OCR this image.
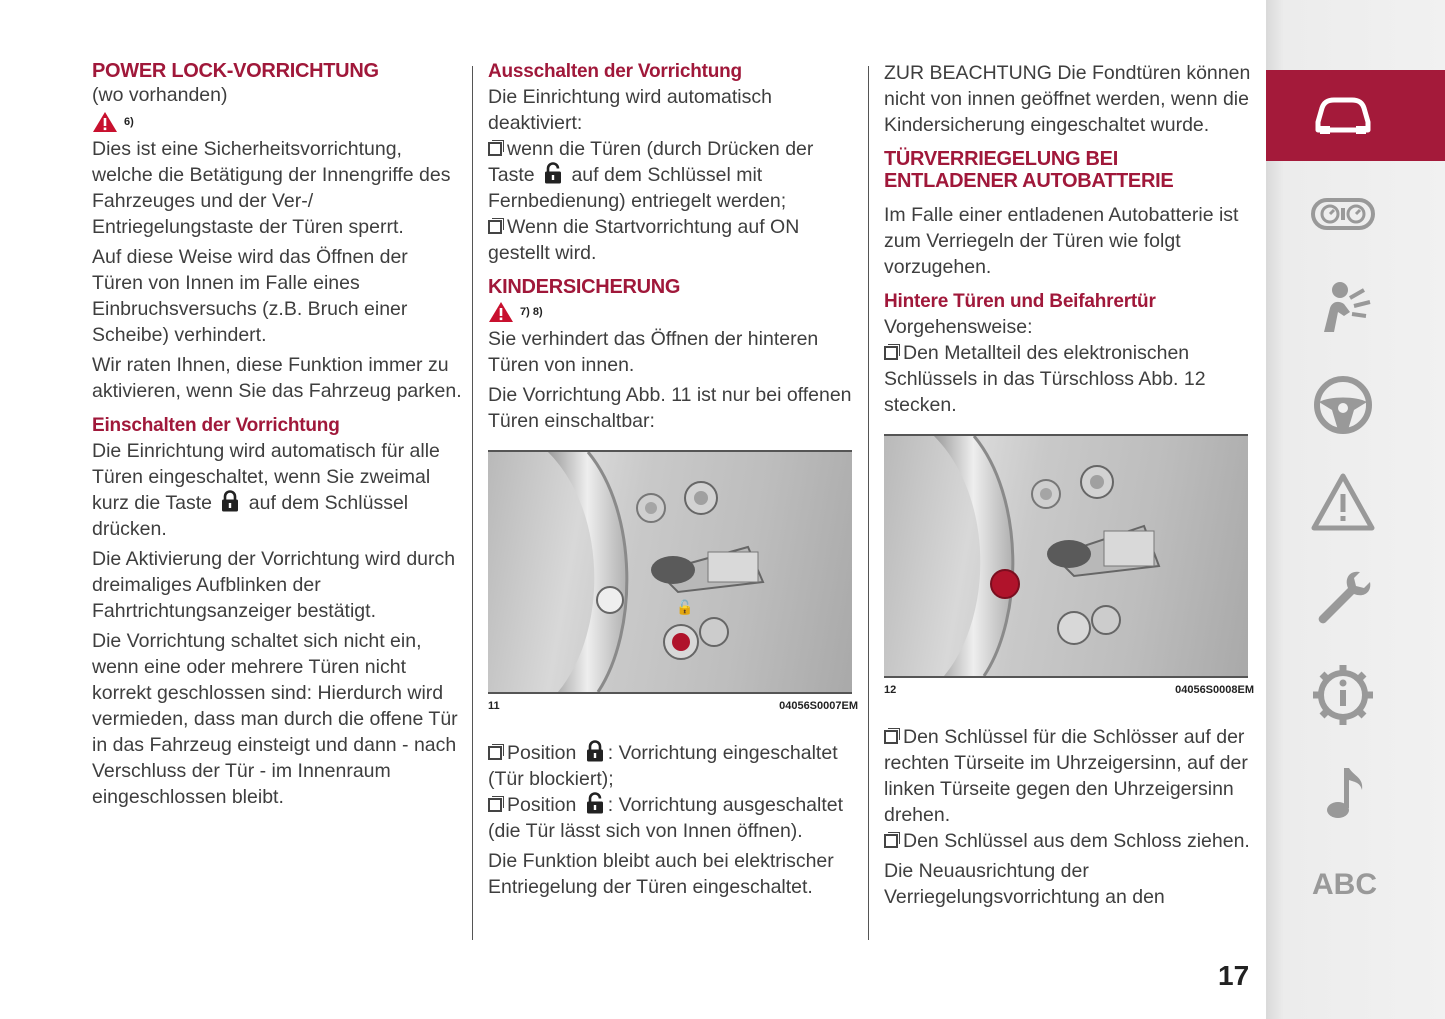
POWER LOCK-VORRICHTUNG

(wo vorhanden)

6)

Dies ist eine Sicherheitsvorrichtung, welche die Betätigung der Innengriffe des Fahrzeuges und der Ver-/ Entriegelungstaste der Türen sperrt.

Auf diese Weise wird das Öffnen der Türen von Innen im Falle eines Einbruchsversuchs (z.B. Bruch einer Scheibe) verhindert.

Wir raten Ihnen, diese Funktion immer zu aktivieren, wenn Sie das Fahrzeug parken.

Einschalten der Vorrichtung

Die Einrichtung wird automatisch für alle Türen eingeschaltet, wenn Sie zweimal kurz die Taste auf dem Schlüssel drücken.

Die Aktivierung der Vorrichtung wird durch dreimaliges Aufblinken der Fahrtrichtungsanzeiger bestätigt.

Die Vorrichtung schaltet sich nicht ein, wenn eine oder mehrere Türen nicht korrekt geschlossen sind: Hierdurch wird vermieden, dass man durch die offene Tür in das Fahrzeug einsteigt und dann - nach Verschluss der Tür - im Innenraum eingeschlossen bleibt.

Ausschalten der Vorrichtung

Die Einrichtung wird automatisch deaktiviert:

wenn die Türen (durch Drücken der Taste auf dem Schlüssel mit Fernbedienung) entriegelt werden;

Wenn die Startvorrichtung auf ON gestellt wird.

KINDERSICHERUNG
7) 8)

Sie verhindert das Öffnen der hinteren Türen von innen.

Die Vorrichtung Abb. 11 ist nur bei offenen Türen einschaltbar:

🔓
11	04056S0007EM

Position : Vorrichtung eingeschaltet (Tür blockiert);

Position : Vorrichtung ausgeschaltet (die Tür lässt sich von Innen öffnen).

Die Funktion bleibt auch bei elektrischer Entriegelung der Türen eingeschaltet.

ZUR BEACHTUNG Die Fondtüren können nicht von innen geöffnet werden, wenn die Kindersicherung eingeschaltet wurde.

TÜRVERRIEGELUNG BEI ENTLADENER AUTOBATTERIE

Im Falle einer entladenen Autobatterie ist zum Verriegeln der Türen wie folgt vorzugehen.

Hintere Türen und Beifahrertür

Vorgehensweise:

Den Metallteil des elektronischen Schlüssels in das Türschloss Abb. 12 stecken.

12	04056S0008EM

Den Schlüssel für die Schlösser auf der rechten Türseite im Uhrzeigersinn, auf der linken Türseite gegen den Uhrzeigersinn drehen.

Den Schlüssel aus dem Schloss ziehen.

Die Neuausrichtung der Verriegelungsvorrichtung an den	ABC
17
